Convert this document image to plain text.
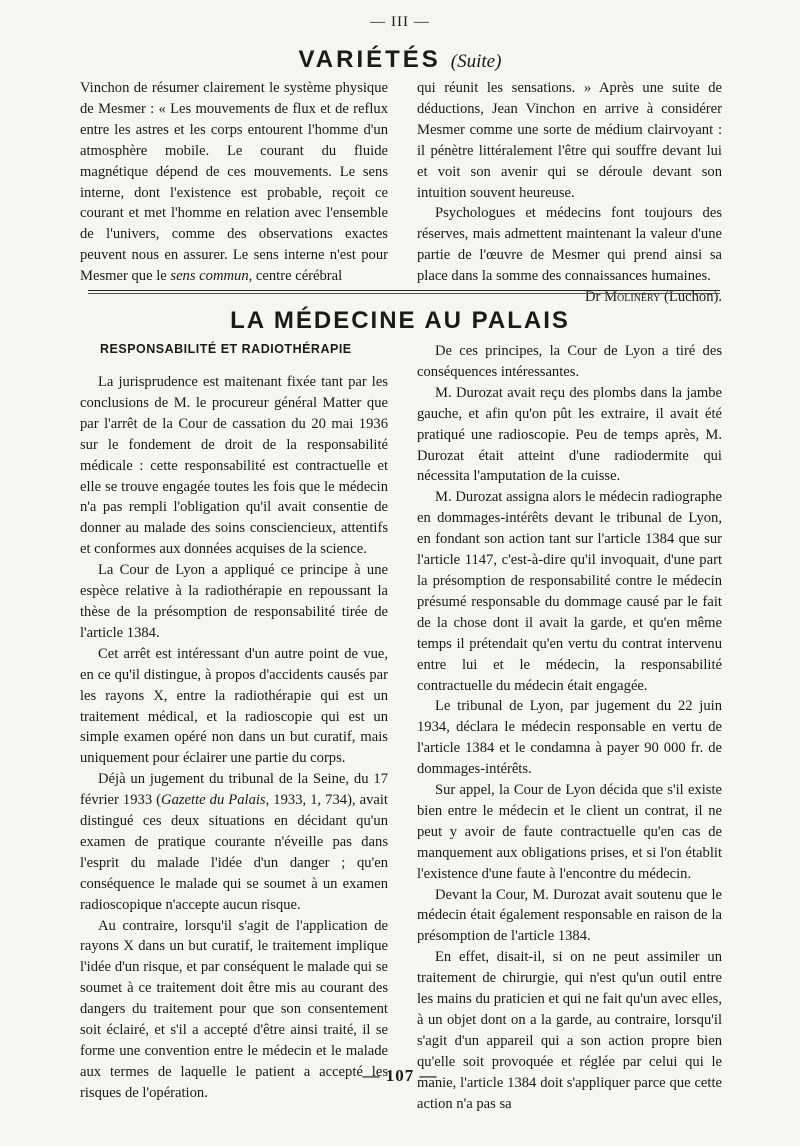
— III —
VARIÉTÉS (Suite)

Vinchon de résumer clairement le système physique de Mesmer : « Les mouvements de flux et de reflux entre les astres et les corps entourent l'homme d'un atmosphère mobile. Le courant du fluide magnétique dépend de ces mouvements. Le sens interne, dont l'existence est probable, reçoit ce courant et met l'homme en relation avec l'ensemble de l'univers, comme des observations exactes peuvent nous en assurer. Le sens interne n'est pour Mesmer que le sens commun, centre cérébral

qui réunit les sensations. » Après une suite de déductions, Jean Vinchon en arrive à considérer Mesmer comme une sorte de médium clairvoyant : il pénètre littéralement l'être qui souffre devant lui et voit son avenir qui se déroule devant son intuition souvent heureuse.

Psychologues et médecins font toujours des réserves, mais admettent maintenant la valeur d'une partie de l'œuvre de Mesmer qui prend ainsi sa place dans la somme des connaissances humaines.
Dr Molinéry (Luchon).

LA MÉDECINE AU PALAIS
RESPONSABILITÉ ET RADIOTHÉRAPIE

La jurisprudence est maitenant fixée tant par les conclusions de M. le procureur général Matter que par l'arrêt de la Cour de cassation du 20 mai 1936 sur le fondement de droit de la responsabilité médicale : cette responsabilité est contractuelle et elle se trouve engagée toutes les fois que le médecin n'a pas rempli l'obligation qu'il avait consentie de donner au malade des soins consciencieux, attentifs et conformes aux données acquises de la science.

La Cour de Lyon a appliqué ce principe à une espèce relative à la radiothérapie en repoussant la thèse de la présomption de responsabilité tirée de l'article 1384.

Cet arrêt est intéressant d'un autre point de vue, en ce qu'il distingue, à propos d'accidents causés par les rayons X, entre la radiothérapie qui est un traitement médical, et la radioscopie qui est un simple examen opéré non dans un but curatif, mais uniquement pour éclairer une partie du corps.

Déjà un jugement du tribunal de la Seine, du 17 février 1933 (Gazette du Palais, 1933, 1, 734), avait distingué ces deux situations en décidant qu'un examen de pratique courante n'éveille pas dans l'esprit du malade l'idée d'un danger ; qu'en conséquence le malade qui se soumet à un examen radioscopique n'accepte aucun risque.

Au contraire, lorsqu'il s'agit de l'application de rayons X dans un but curatif, le traitement implique l'idée d'un risque, et par conséquent le malade qui se soumet à ce traitement doit être mis au courant des dangers du traitement pour que son consentement soit éclairé, et s'il a accepté d'être ainsi traité, il se forme une convention entre le médecin et le malade aux termes de laquelle le patient a accepté les risques de l'opération.

De ces principes, la Cour de Lyon a tiré des conséquences intéressantes.

M. Durozat avait reçu des plombs dans la jambe gauche, et afin qu'on pût les extraire, il avait été pratiqué une radioscopie. Peu de temps après, M. Durozat était atteint d'une radiodermite qui nécessita l'amputation de la cuisse.

M. Durozat assigna alors le médecin radiographe en dommages-intérêts devant le tribunal de Lyon, en fondant son action tant sur l'article 1384 que sur l'article 1147, c'est-à-dire qu'il invoquait, d'une part la présomption de responsabilité contre le médecin présumé responsable du dommage causé par le fait de la chose dont il avait la garde, et qu'en même temps il prétendait qu'en vertu du contrat intervenu entre lui et le médecin, la responsabilité contractuelle du médecin était engagée.

Le tribunal de Lyon, par jugement du 22 juin 1934, déclara le médecin responsable en vertu de l'article 1384 et le condamna à payer 90 000 fr. de dommages-intérêts.

Sur appel, la Cour de Lyon décida que s'il existe bien entre le médecin et le client un contrat, il ne peut y avoir de faute contractuelle qu'en cas de manquement aux obligations prises, et si l'on établit l'existence d'une faute à l'encontre du médecin.

Devant la Cour, M. Durozat avait soutenu que le médecin était également responsable en raison de la présomption de l'article 1384.

En effet, disait-il, si on ne peut assimiler un traitement de chirurgie, qui n'est qu'un outil entre les mains du praticien et qui ne fait qu'un avec elles, à un objet dont on a la garde, au contraire, lorsqu'il s'agit d'un appareil qui a son action propre bien qu'elle soit provoquée et réglée par celui qui le manie, l'article 1384 doit s'appliquer parce que cette action n'a pas sa

— 107 —
